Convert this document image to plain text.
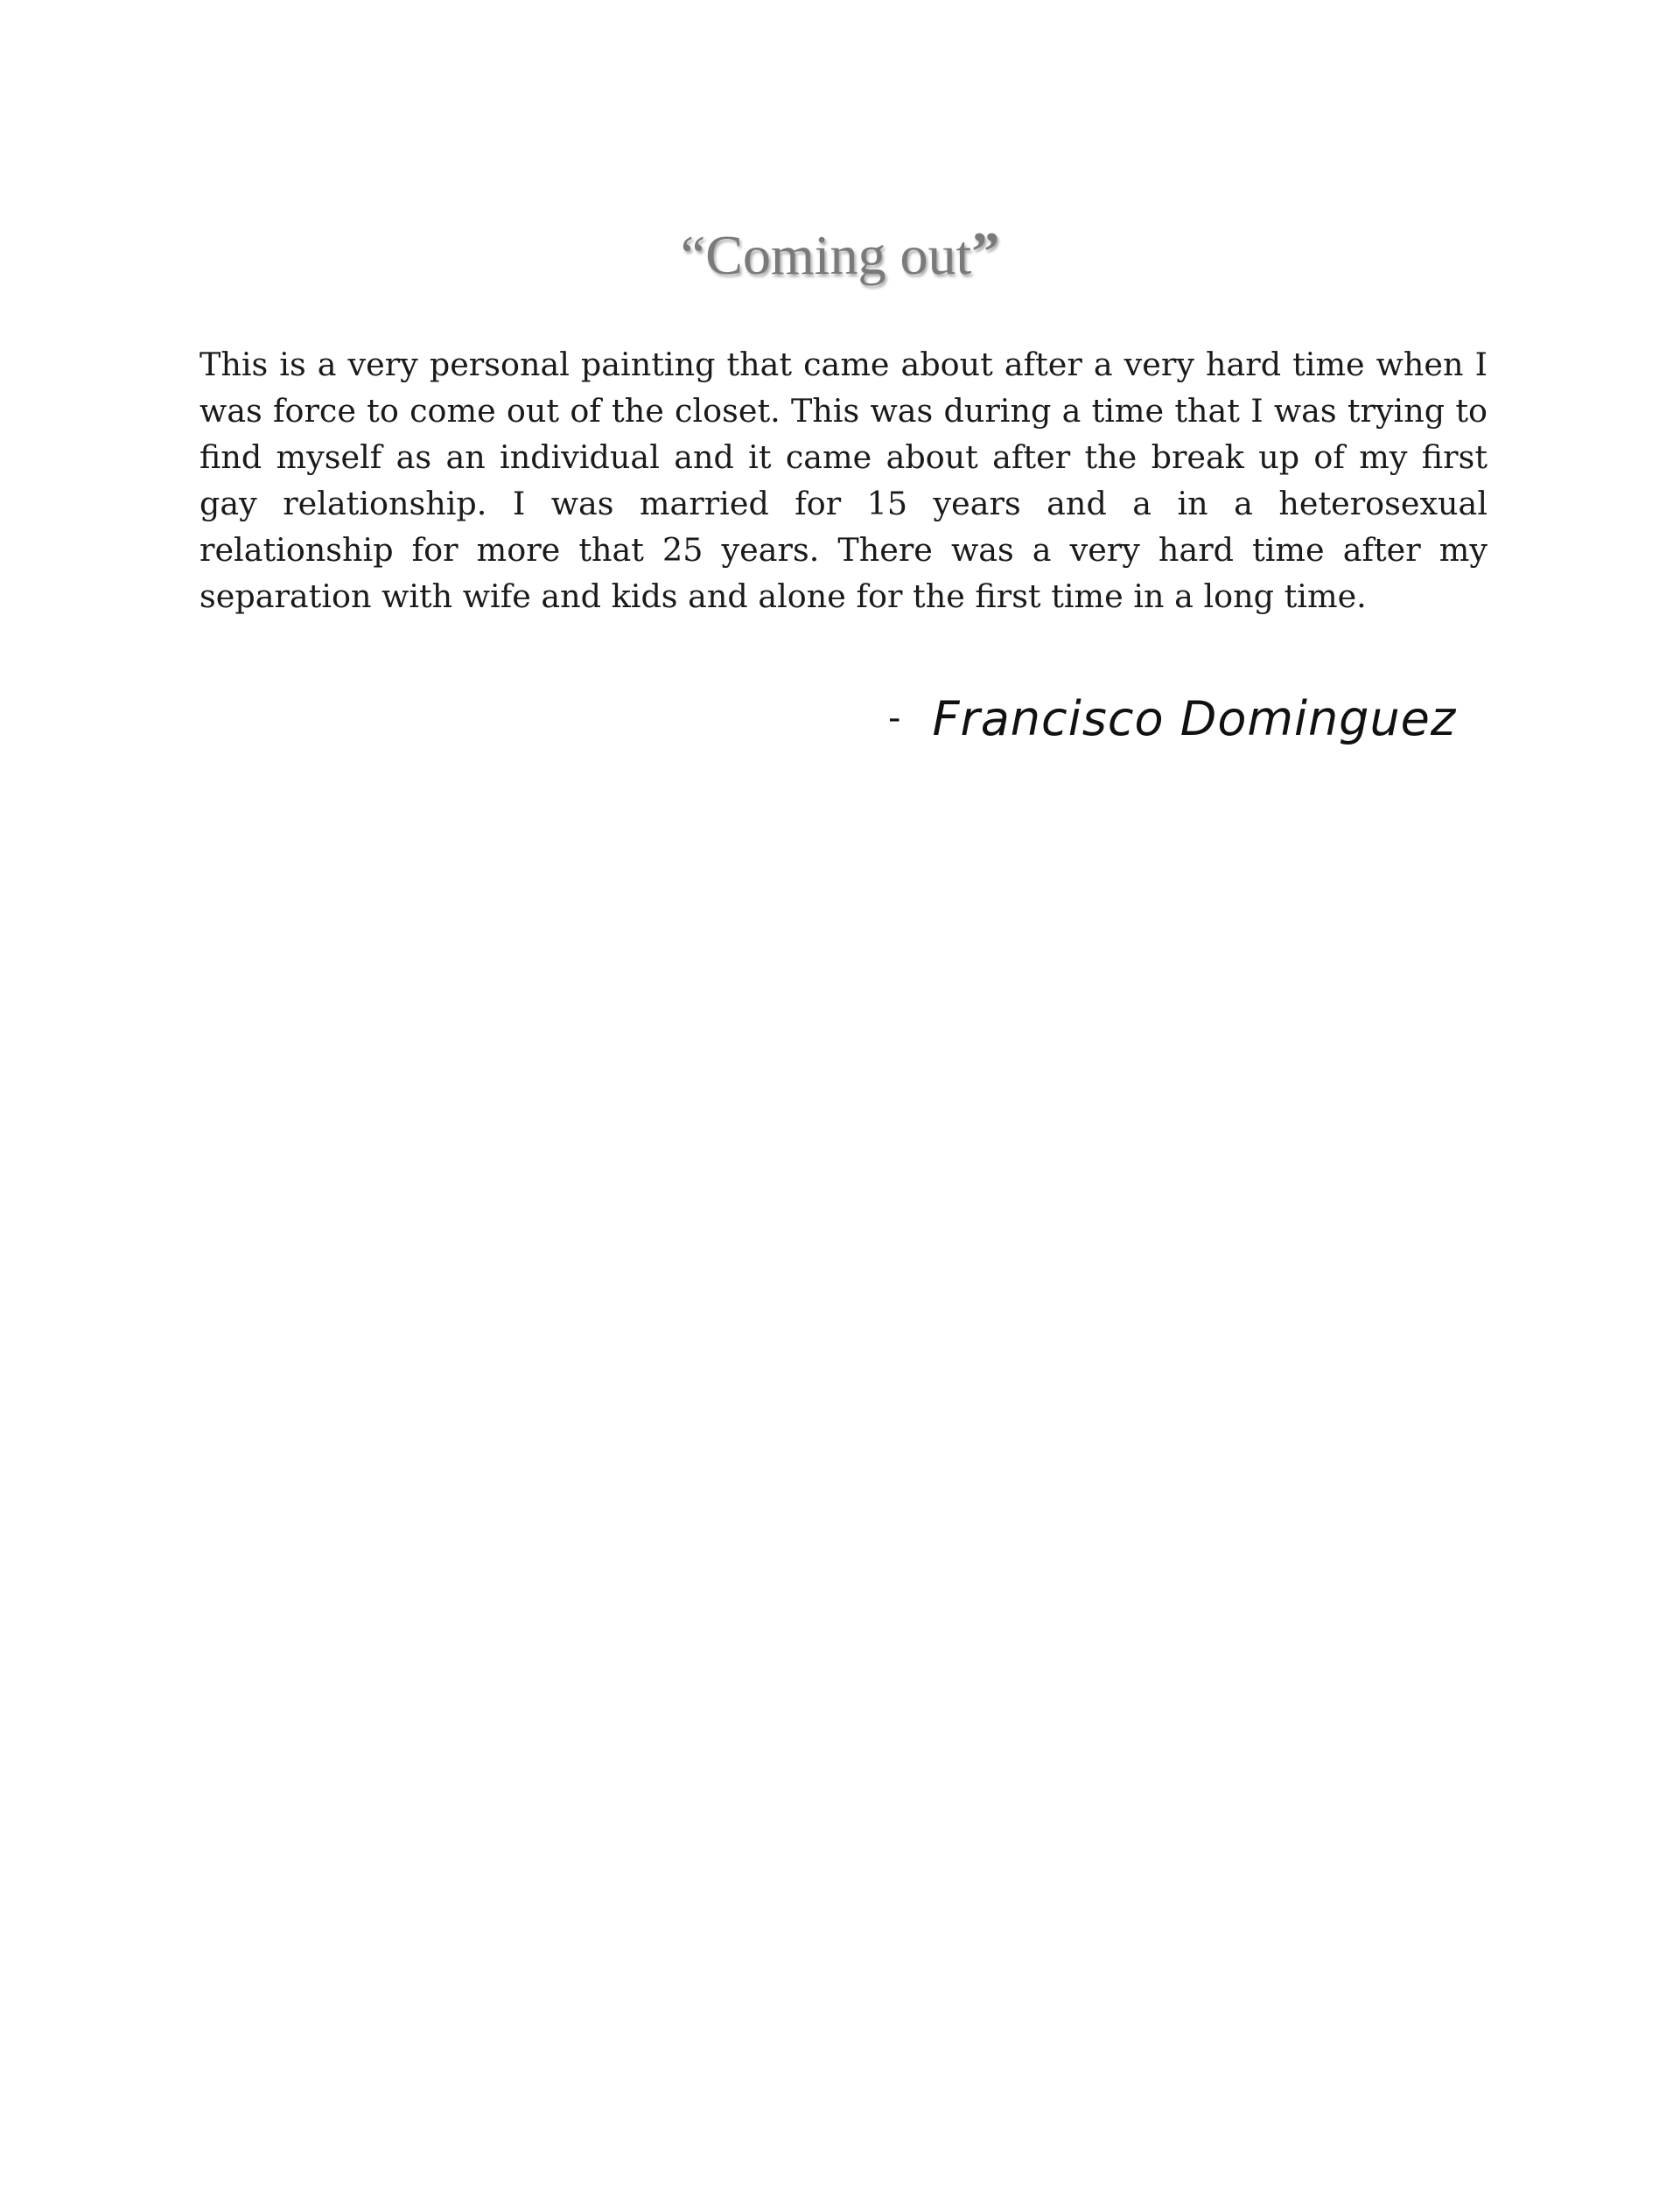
“Coming out”

This is a very personal painting that came about after a very hard time when I was force to come out of the closet. This was during a time that I was trying to find myself as an individual and it came about after the break up of my first gay relationship. I was married for 15 years and a in a heterosexual relationship for more that 25 years. There was a very hard time after my separation with wife and kids and alone for the first time in a long time.

- Francisco Dominguez
